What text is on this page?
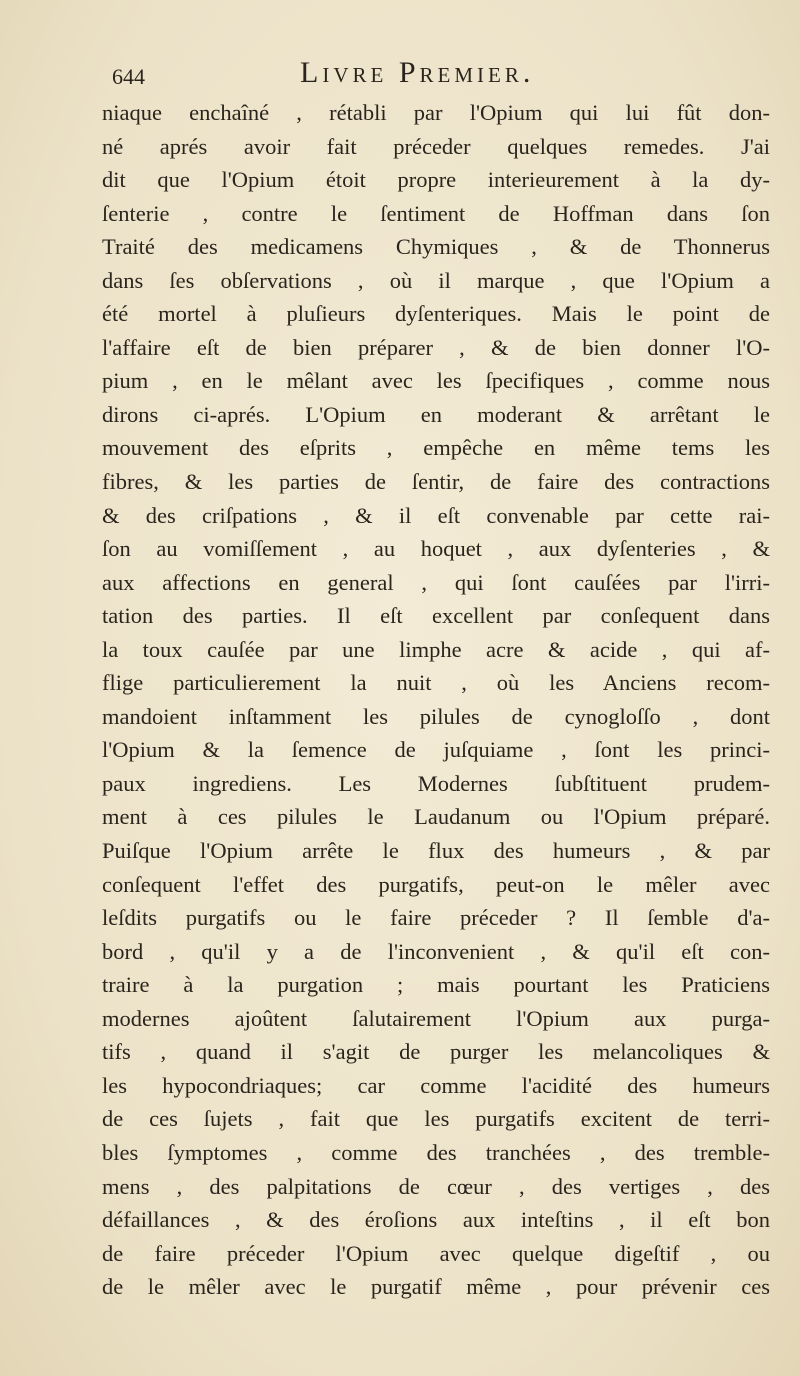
644	Livre Premier.
niaque enchaîné , rétabli par l'Opium qui lui fût don-
né aprés avoir fait préceder quelques remedes. J'ai
dit que l'Opium étoit propre interieurement à la dy-
ſenterie , contre le ſentiment de Hoffman dans ſon
Traité des medicamens Chymiques , & de Thonnerus
dans ſes obſervations , où il marque , que l'Opium a
été mortel à pluſieurs dyſenteriques. Mais le point de
l'affaire eſt de bien préparer , & de bien donner l'O-
pium , en le mêlant avec les ſpecifiques , comme nous
dirons ci-aprés. L'Opium en moderant & arrêtant le
mouvement des eſprits , empêche en même tems les
fibres, & les parties de ſentir, de faire des contractions
& des criſpations , & il eſt convenable par cette rai-
ſon au vomiſſement , au hoquet , aux dyſenteries , &
aux affections en general , qui ſont cauſées par l'irri-
tation des parties. Il eſt excellent par conſequent dans
la toux cauſée par une limphe acre & acide , qui af-
flige particulierement la nuit , où les Anciens recom-
mandoient inſtamment les pilules de cynogloſſo , dont
l'Opium & la ſemence de juſquiame , ſont les princi-
paux ingrediens. Les Modernes ſubſtituent prudem-
ment à ces pilules le Laudanum ou l'Opium préparé.
Puiſque l'Opium arrête le flux des humeurs , & par
conſequent l'effet des purgatifs, peut-on le mêler avec
leſdits purgatifs ou le faire préceder ? Il ſemble d'a-
bord , qu'il y a de l'inconvenient , & qu'il eſt con-
traire à la purgation ; mais pourtant les Praticiens
modernes ajoûtent ſalutairement l'Opium aux purga-
tifs , quand il s'agit de purger les melancoliques &
les hypocondriaques; car comme l'acidité des humeurs
de ces ſujets , fait que les purgatifs excitent de terri-
bles ſymptomes , comme des tranchées , des tremble-
mens , des palpitations de cœur , des vertiges , des
défaillances , & des éroſions aux inteſtins , il eſt bon
de faire préceder l'Opium avec quelque digeſtif , ou
de le mêler avec le purgatif même , pour prévenir ces
